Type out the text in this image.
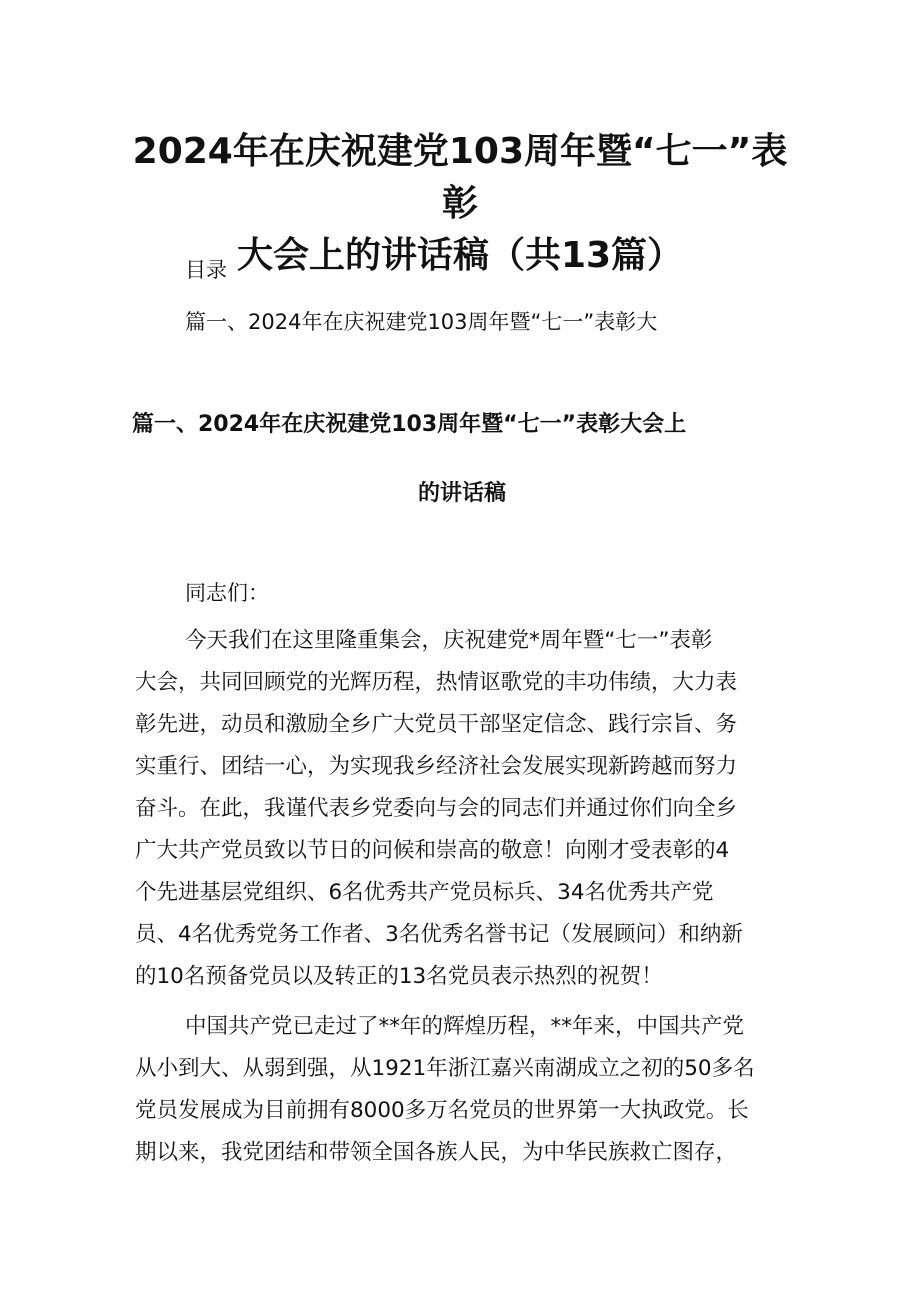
2024年在庆祝建党103周年暨“七一”表彰
大会上的讲话稿（共13篇）

目录

篇一、2024年在庆祝建党103周年暨“七一”表彰大

篇一、2024年在庆祝建党103周年暨“七一”表彰大会上
的讲话稿

同志们：

今天我们在这里隆重集会，庆祝建党*周年暨“七一”表彰

大会，共同回顾党的光辉历程，热情讴歌党的丰功伟绩，大力表

彰先进，动员和激励全乡广大党员干部坚定信念、践行宗旨、务

实重行、团结一心，为实现我乡经济社会发展实现新跨越而努力

奋斗。在此，我谨代表乡党委向与会的同志们并通过你们向全乡

广大共产党员致以节日的问候和崇高的敬意！向刚才受表彰的4

个先进基层党组织、6名优秀共产党员标兵、34名优秀共产党

员、4名优秀党务工作者、3名优秀名誉书记（发展顾问）和纳新

的10名预备党员以及转正的13名党员表示热烈的祝贺！

中国共产党已走过了**年的辉煌历程，**年来，中国共产党

从小到大、从弱到强，从1921年浙江嘉兴南湖成立之初的50多名

党员发展成为目前拥有8000多万名党员的世界第一大执政党。长

期以来，我党团结和带领全国各族人民，为中华民族救亡图存，
